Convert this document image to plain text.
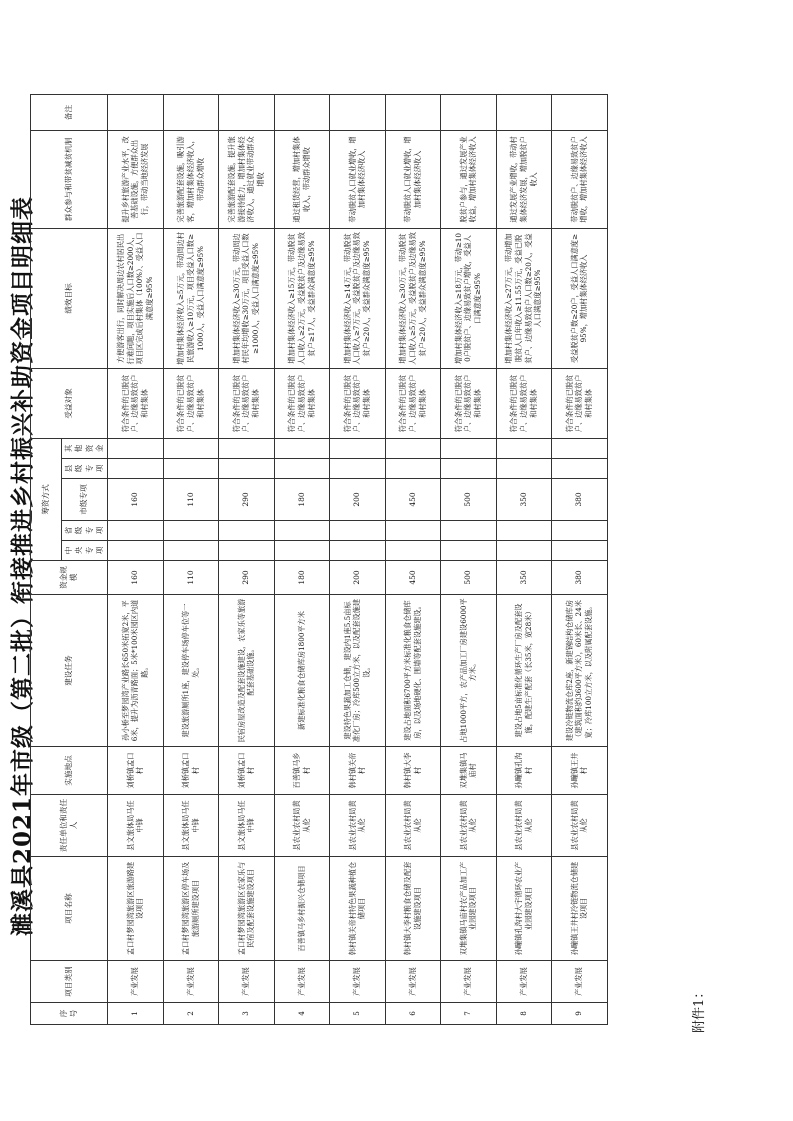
附件1：
濉溪县2021年市级（第二批）衔接推进乡村振兴补助资金项目明细表
序号	项目类别	项目名称	责任单位和责任人	实施地点	建设任务	资金规模	筹资方式					受益对象	绩效目标	群众参与和带贫减贫机制	备注
							中央专项	省级专项	市级专项	县级专项	其他资金				
1	产业发展	孟口村梦园湾旅游区旅游路建设项目	县文旅体局马任中锋	刘桥镇孟口村	孙小桥至梦园湾产业路长650米拓宽2米，平6米，提升为沥青路面；5米*100米园区内道路。	160			160			符合条件的已脱贫户、边缘易致贫户和村集体	方便游客出行，同时解决周边农村居民出行难问题，项目实施后人口数≥2000人，项目区完成后村集体（100%）、受益人口满意度≥95%	提升乡村旅游产业水平，改善基础设施，方便群众出行，带动当地经济发展	
2	产业发展	孟口村梦园湾旅游区停车场及旅游厕所建设项目	县文旅体局马任中锋	刘桥镇孟口村	建设旅游厕所1座，建设停车场停车位等一处。	110			110			符合条件的已脱贫户、边缘易致贫户和村集体	增加村集体经济收入≥5万元，带动周边村民旅游收入≥10万元，项目受益人口数≥1000人，受益人口满意度≥95%	完善旅游配套设施，吸引游客，增加村集体经济收入，带动群众增收	
3	产业发展	孟口村梦园湾旅游区农家乐与民宿及配套设施建设项目	县文旅体局马任中锋	刘桥镇孟口村	民宿房屋改造及配套设施建设，农家乐等旅游配套基础设施。	290			290			符合条件的已脱贫户、边缘易致贫户和村集体	增加村集体经济收入≥30万元，带动周边村民年均增收≥30万元，项目受益人口数≥1000人，受益人口满意度≥95%	完善旅游配套设施，提升旅游接待能力，增加村集体经济收入，通过就业带动群众增收	
4	产业发展	百善镇马乡村振兴仓储项目	县农业农村局黄从伦	百善镇马乡村	新建标准化粮食仓储库房1800平方米	180			180			符合条件的已脱贫户、边缘易致贫户和村集体	增加村集体经济收入≥15万元，带动脱贫人口收入≥2万元，受益脱贫户及边缘易致贫户≥17人，受益群众满意度≥95%	通过租赁经营，增加村集体收入，带动群众增收	
5	产业发展	韩村镇关帝村特色果蔬种植仓储项目	县农业农村局黄从伦	韩村镇关帝村	建设特色果蔬加工仓储，建设内1座5.5亩标准化厂房；冷库500立方米，以及配套设施建设。	200			200			符合条件的已脱贫户、边缘易致贫户和村集体	增加村集体经济收入≥14万元，带动脱贫人口收入≥7万元，受益脱贫户及边缘易致贫户≥20人，受益群众满意度≥95%	带动脱贫人口就业增收，增加村集体经济收入	
6	产业发展	韩村镇大李村粮食仓储及配套设施建设项目	县农业农村局黄从伦	韩村镇大李村	建设占地面积6700平方米标准化粮食仓储库房，以及场地硬化、围墙等配套设施建设。	450			450			符合条件的已脱贫户、边缘易致贫户和村集体	增加村集体经济收入≥30万元，带动脱贫人口收入≥5万元，受益脱贫户及边缘易致贫户≥20人，受益群众满意度≥95%	带动脱贫人口就业增收，增加村集体经济收入	
7	产业发展	双堆集镇马庙村农产品加工产业园建设项目	县农业农村局黄从伦	双堆集镇马庙村	占地1000平方，农产品加工厂房建设6000平方米。	500			500			符合条件的已脱贫户、边缘易致贫户和村集体	增加村集体经济收入≥18万元，带动≥100户脱贫户、边缘易致贫户增收，受益人口满意度≥95%	脱贫户参与，通过发展产业收益，增加村集体经济收入	
8	产业发展	孙疃镇孔沟村大宇循环农业产业园建设项目	县农业农村局黄从伦	孙疃镇孔沟村	建设占地5亩标准化循环生产厂房及配套设施，配建生产配套（长35米，宽28米）	350			350			符合条件的已脱贫户、边缘易致贫户和村集体	增加村集体经济收入≥27万元，带动增加脱贫人口年收入≥11.55万元，受益已脱贫户、边缘易致贫户人口数≥20人，受益人口满意度≥95%	通过发展产业增收，带动村集体经济发展，增加脱贫户收入	
9	产业发展	孙疃镇王井村冷链物流仓储建设项目	县农业农村局黄从伦	孙疃镇王井村	建设冷链物流仓库2座，新建钢结构仓储库房（建筑面积约3600平方米），60米长、24米宽；冷库100立方米，以及附属配套设施。	380			380			符合条件的已脱贫户、边缘易致贫户和村集体	受益脱贫户数≥20户，受益人口满意度≥95%，增加村集体经济收入	带动脱贫户、边缘易致贫户增收，增加村集体经济收入	
